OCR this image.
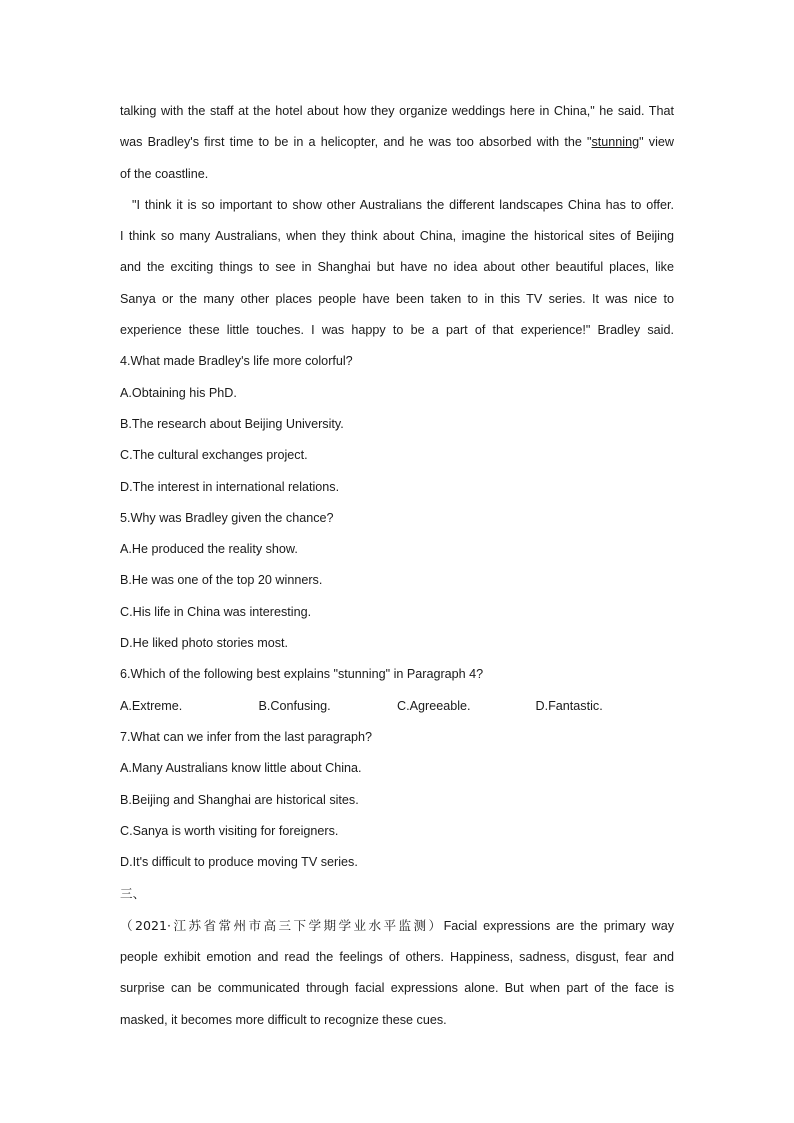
talking with the staff at the hotel about how they organize weddings here in China," he said. That

was Bradley's first time to be in a helicopter, and he was too absorbed with the "stunning" view

of the coastline.

"I think it is so important to show other Australians the different landscapes China has to offer.

I think so many Australians, when they think about China, imagine the historical sites of Beijing

and the exciting things to see in Shanghai but have no idea about other beautiful places, like

Sanya or the many other places people have been taken to in this TV series. It was nice to

experience these little touches. I was happy to be a part of that experience!" Bradley said.

4.What made Bradley's life more colorful?

A.Obtaining his PhD.

B.The research about Beijing University.

C.The cultural exchanges project.

D.The interest in international relations.

5.Why was Bradley given the chance?

A.He produced the reality show.

B.He was one of the top 20 winners.

C.His life in China was interesting.

D.He liked photo stories most.

6.Which of the following best explains "stunning" in Paragraph 4?

A.Extreme.	B.Confusing.	C.Agreeable.	D.Fantastic.

7.What can we infer from the last paragraph?

A.Many Australians know little about China.

B.Beijing and Shanghai are historical sites.

C.Sanya is worth visiting for foreigners.

D.It's difficult to produce moving TV series.

三、

（2021·江苏省常州市高三下学期学业水平监测）Facial expressions are the primary way

people exhibit emotion and read the feelings of others. Happiness, sadness, disgust, fear and

surprise can be communicated through facial expressions alone. But when part of the face is

masked, it becomes more difficult to recognize these cues.
